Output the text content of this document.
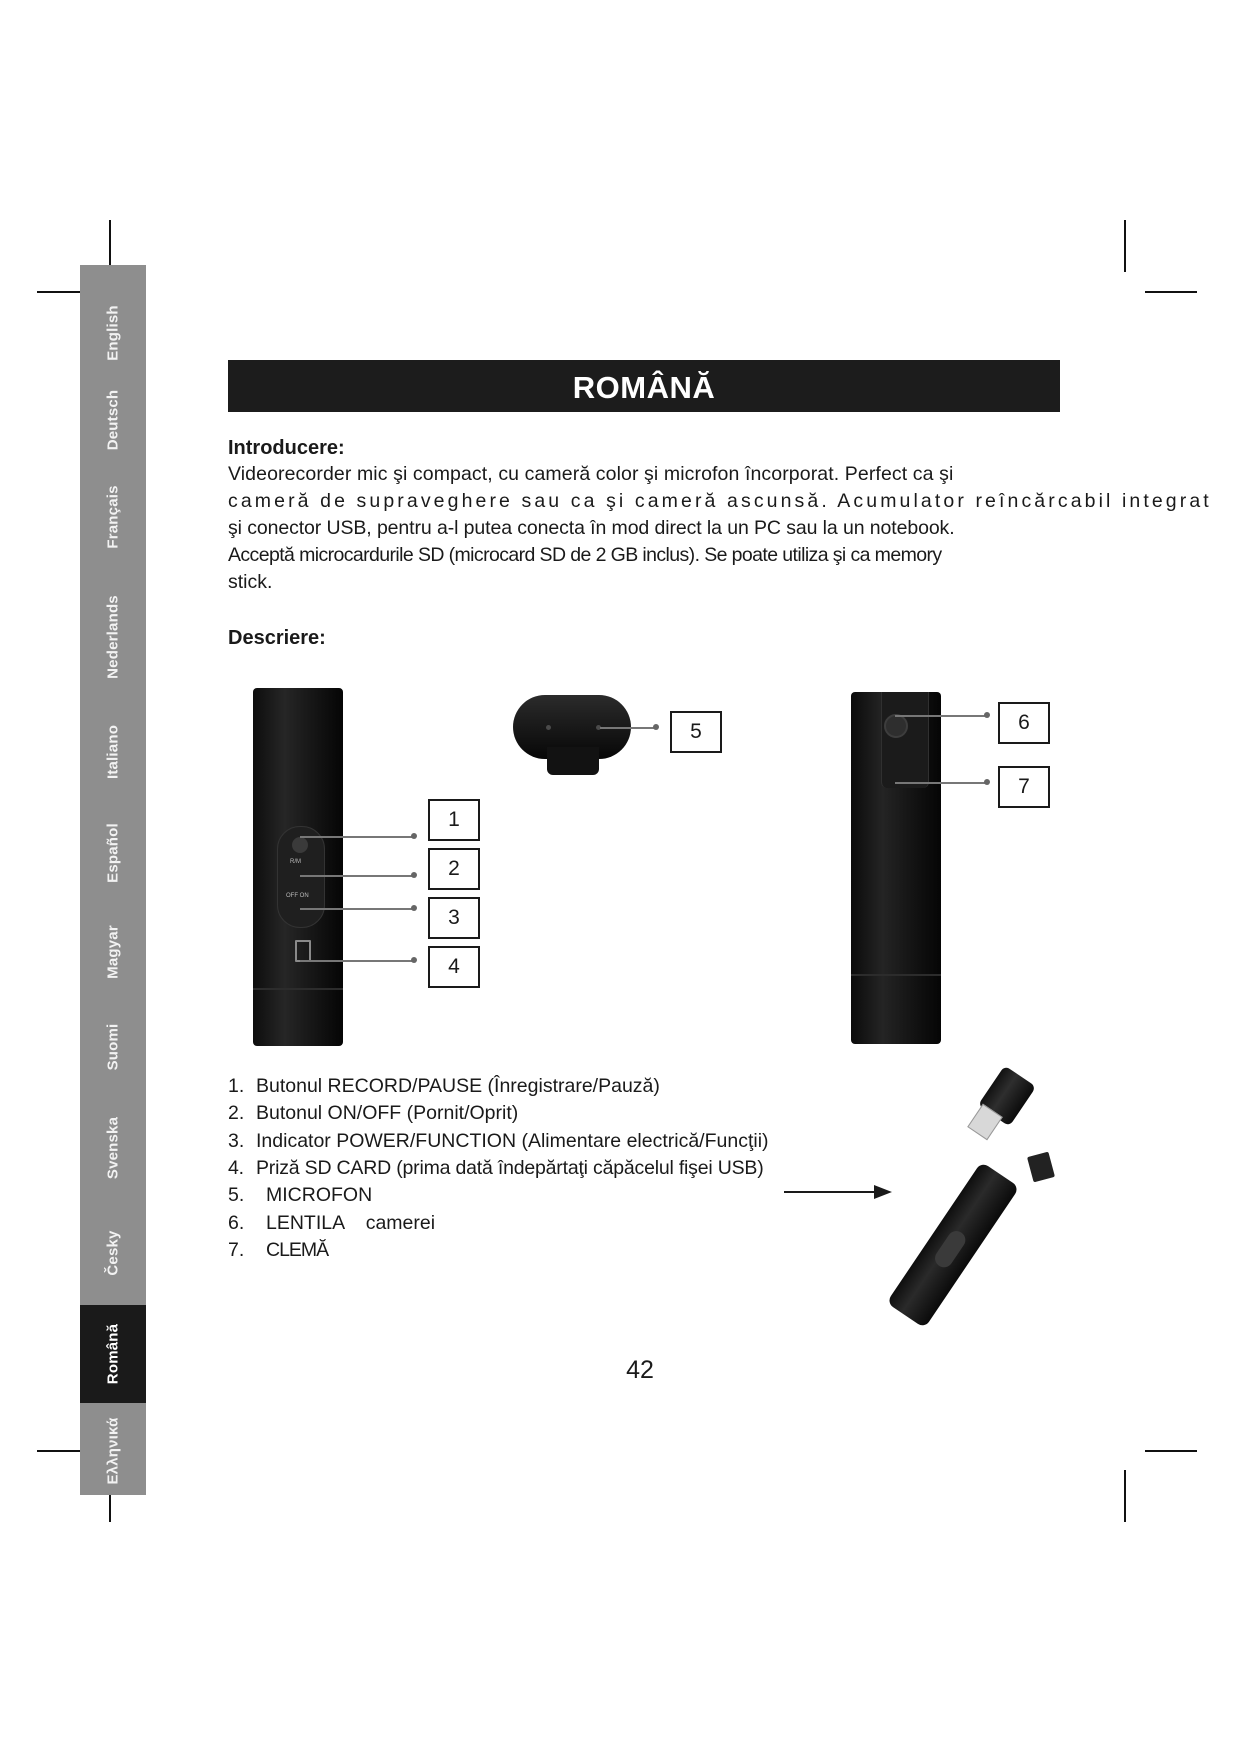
English
Deutsch
Français
Nederlands
Italiano
Español
Magyar
Suomi
Svenska
Česky
Română
Ελληνικά
ROMÂNĂ
Introducere:
Videorecorder mic şi compact, cu cameră color şi microfon încorporat. Perfect ca şi
cameră de supraveghere sau ca şi cameră ascunsă. Acumulator reîncărcabil integrat
şi conector USB, pentru a-l putea conecta în mod direct la un PC sau la un notebook.
Acceptă microcardurile SD (microcard SD de 2 GB inclus). Se poate utiliza şi ca memory
stick.
Descriere:
R/M
OFF ON
1
2
3
4
5	6
7
1. Butonul RECORD/PAUSE (Înregistrare/Pauză)
2. Butonul ON/OFF (Pornit/Oprit)
3. Indicator POWER/FUNCTION (Alimentare electrică/Funcţii)
4. Priză SD CARD (prima dată îndepărtaţi căpăcelul fişei USB)
5. MICROFON
6. LENTILA    camerei
7. CLEMĂ
42
